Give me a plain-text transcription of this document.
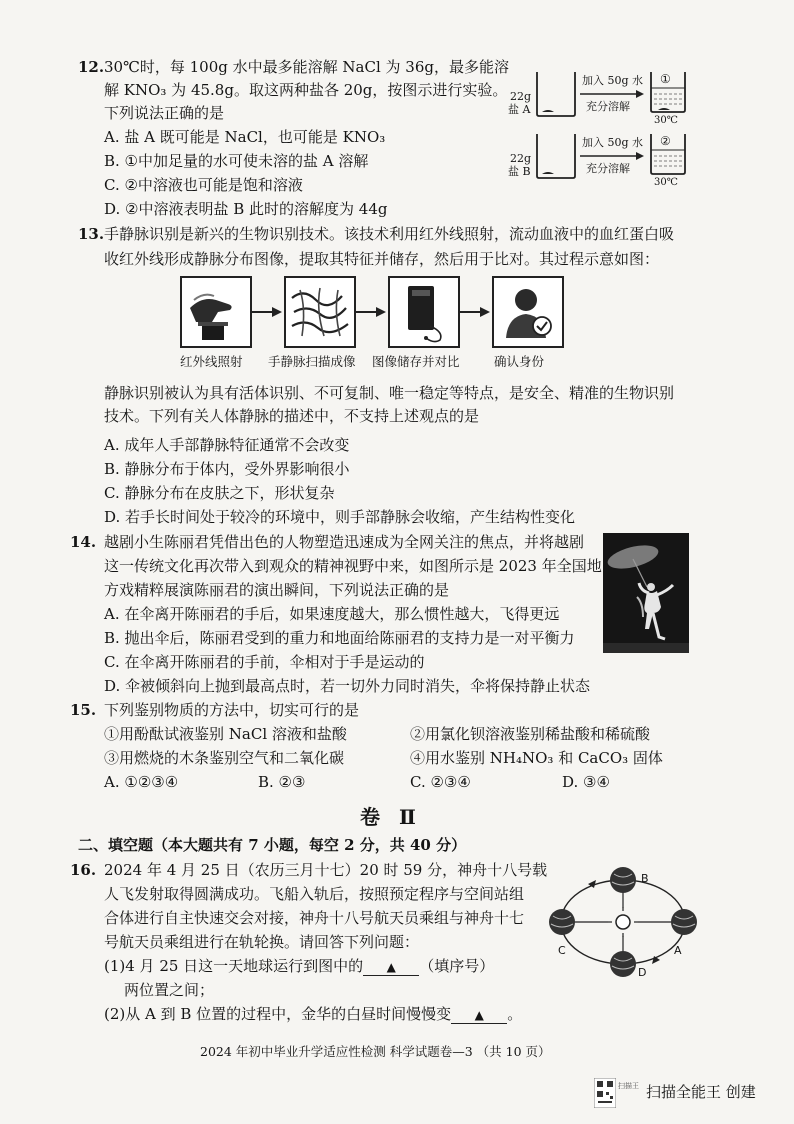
12. 30℃时，每 100g 水中最多能溶解 NaCl 为 36g，最多能溶
解 KNO₃ 为 45.8g。取这两种盐各 20g，按图示进行实验。
下列说法正确的是
A. 盐 A 既可能是 NaCl，也可能是 KNO₃
B. ①中加足量的水可使未溶的盐 A 溶解
C. ②中溶液也可能是饱和溶液
D. ②中溶液表明盐 B 此时的溶解度为 44g
22g
盐 A
加入 50g 水
充分溶解
①
30℃
22g
盐 B
加入 50g 水
充分溶解
②
30℃
13. 手静脉识别是新兴的生物识别技术。该技术利用红外线照射，流动血液中的血红蛋白吸
收红外线形成静脉分布图像，提取其特征并储存，然后用于比对。其过程示意如图：
红外线照射 手静脉扫描成像 图像储存并对比	确认身份
静脉识别被认为具有活体识别、不可复制、唯一稳定等特点，是安全、精准的生物识别
技术。下列有关人体静脉的描述中，不支持上述观点的是
A. 成年人手部静脉特征通常不会改变
B. 静脉分布于体内，受外界影响很小
C. 静脉分布在皮肤之下，形状复杂
D. 若手长时间处于较冷的环境中，则手部静脉会收缩，产生结构性变化
14. 越剧小生陈丽君凭借出色的人物塑造迅速成为全网关注的焦点，并将越剧
这一传统文化再次带入到观众的精神视野中来，如图所示是 2023 年全国地
方戏精粹展演陈丽君的演出瞬间，下列说法正确的是
A. 在伞离开陈丽君的手后，如果速度越大，那么惯性越大，飞得更远
B. 抛出伞后，陈丽君受到的重力和地面给陈丽君的支持力是一对平衡力
C. 在伞离开陈丽君的手前，伞相对于手是运动的
D. 伞被倾斜向上抛到最高点时，若一切外力同时消失，伞将保持静止状态
15. 下列鉴别物质的方法中，切实可行的是
①用酚酞试液鉴别 NaCl 溶液和盐酸	②用氯化钡溶液鉴别稀盐酸和稀硫酸
③用燃烧的木条鉴别空气和二氧化碳	④用水鉴别 NH₄NO₃ 和 CaCO₃ 固体
A. ①②③④	B. ②③	C. ②③④	D. ③④
卷 Ⅱ
二、填空题（本大题共有 7 小题，每空 2 分，共 40 分）
16. 2024 年 4 月 25 日（农历三月十七）20 时 59 分，神舟十八号载
人飞发射取得圆满成功。飞船入轨后，按照预定程序与空间站组
合体进行自主快速交会对接，神舟十八号航天员乘组与神舟十七
号航天员乘组进行在轨轮换。请回答下列问题：
(1)4 月 25 日这一天地球运行到图中的 ▲ （填序号）
两位置之间；
(2)从 A 到 B 位置的过程中，金华的白昼时间慢慢变 ▲ 。
B
C	A
D
2024 年初中毕业升学适应性检测 科学试题卷—3 （共 10 页）
扫描王 扫描全能王 创建
